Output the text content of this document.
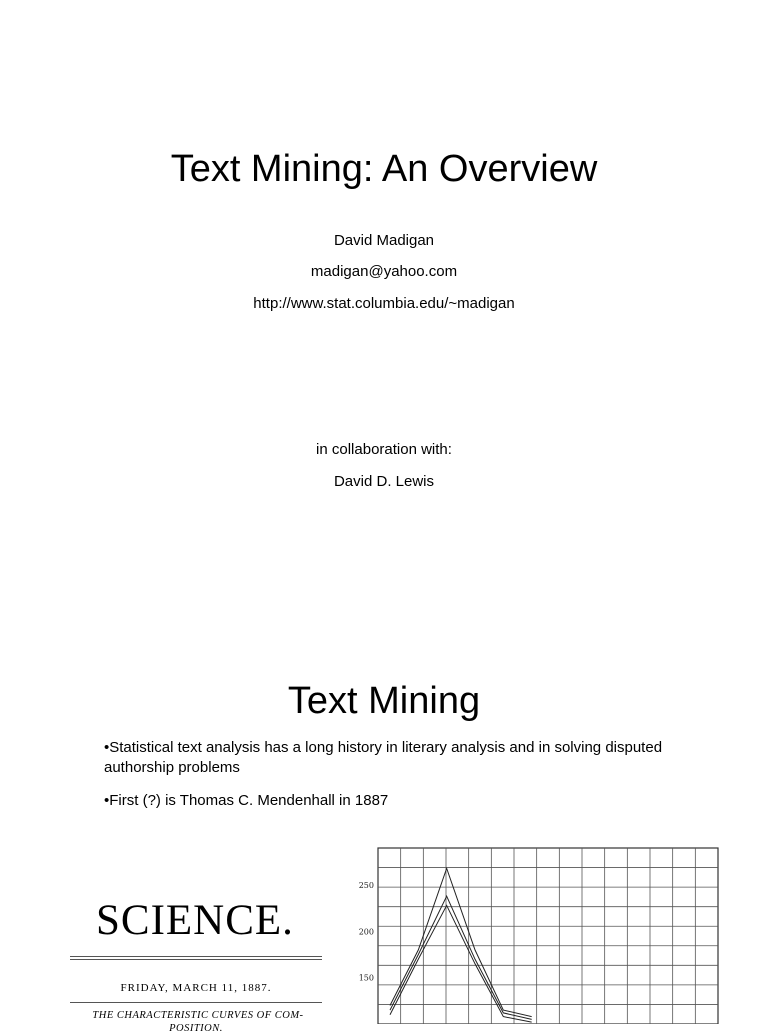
Text Mining: An Overview
David Madigan
madigan@yahoo.com
http://www.stat.columbia.edu/~madigan
in collaboration with:
David D. Lewis
Text Mining
•Statistical text analysis has a long history in literary analysis and in solving disputed authorship problems
•First (?) is Thomas C. Mendenhall in 1887
SCIENCE.
FRIDAY, MARCH 11, 1887.
THE CHARACTERISTIC CURVES OF COM-
POSITION.
250
200
150
